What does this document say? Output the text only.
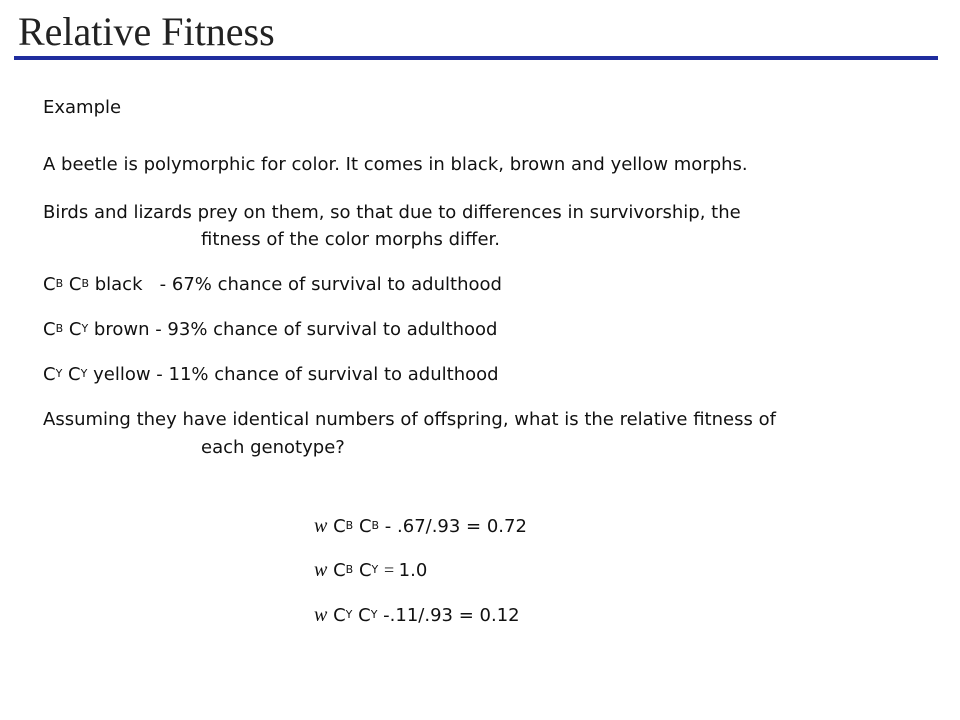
Relative Fitness
Example
A beetle is polymorphic for color. It comes in black, brown and yellow morphs.
Birds and lizards prey on them, so that due to differences in survivorship, the
fitness of the color morphs differ.
$C^B$ $C^B$ black   - 67% chance of survival to adulthood
$C^B$ $C^Y$ brown - 93% chance of survival to adulthood
$C^Y$ $C^Y$ yellow - 11% chance of survival to adulthood
Assuming they have identical numbers of offspring, what is the relative fitness of
each genotype?
w $C^B$ $C^B - .67/.93 = 0.72$
w $C^B$ $C^Y = 1.0$
w $C^Y$ $C^Y$ -.11/.93 = 0.12
